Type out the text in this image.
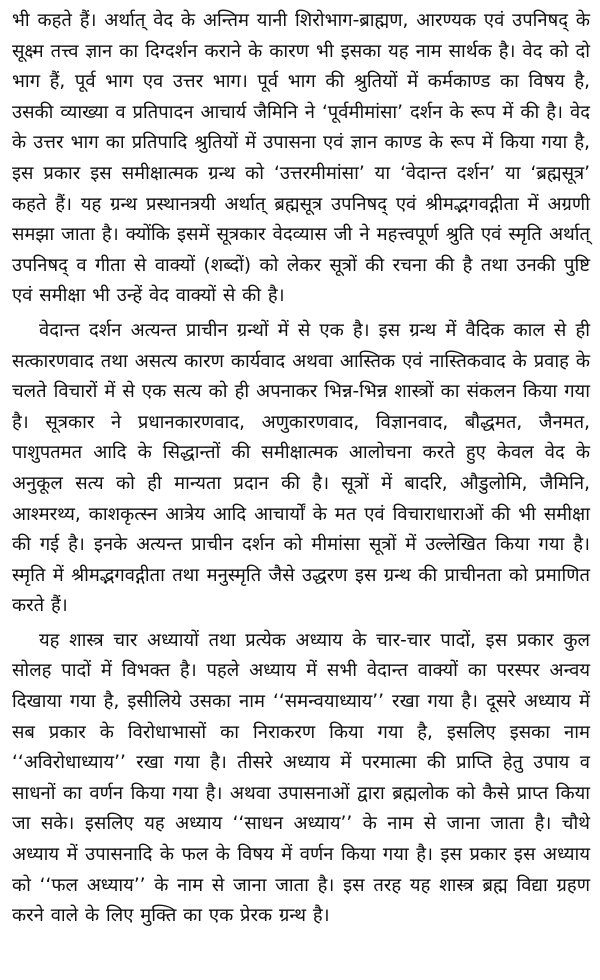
भी कहते हैं। अर्थात् वेद के अन्तिम यानी शिरोभाग-ब्राह्मण, आरण्यक एवं उपनिषद् के सूक्ष्म तत्त्व ज्ञान का दिग्दर्शन कराने के कारण भी इसका यह नाम सार्थक है। वेद को दो भाग हैं, पूर्व भाग एव उत्तर भाग। पूर्व भाग की श्रुतियों में कर्मकाण्ड का विषय है, उसकी व्याख्या व प्रतिपादन आचार्य जैमिनि ने ‘पूर्वमीमांसा’ दर्शन के रूप में की है। वेद के उत्तर भाग का प्रतिपादि श्रुतियों में उपासना एवं ज्ञान काण्ड के रूप में किया गया है, इस प्रकार इस समीक्षात्मक ग्रन्थ को ‘उत्तरमीमांसा’ या ‘वेदान्त दर्शन’ या ‘ब्रह्मसूत्र’ कहते हैं। यह ग्रन्थ प्रस्थानत्रयी अर्थात् ब्रह्मसूत्र उपनिषद् एवं श्रीमद्भगवद्गीता में अग्रणी समझा जाता है। क्योंकि इसमें सूत्रकार वेदव्यास जी ने महत्त्वपूर्ण श्रुति एवं स्मृति अर्थात् उपनिषद् व गीता से वाक्यों (शब्दों) को लेकर सूत्रों की रचना की है तथा उनकी पुष्टि एवं समीक्षा भी उन्हें वेद वाक्यों से की है।

वेदान्त दर्शन अत्यन्त प्राचीन ग्रन्थों में से एक है। इस ग्रन्थ में वैदिक काल से ही सत्कारणवाद तथा असत्य कारण कार्यवाद अथवा आस्तिक एवं नास्तिकवाद के प्रवाह के चलते विचारों में से एक सत्य को ही अपनाकर भिन्न-भिन्न शास्त्रों का संकलन किया गया है। सूत्रकार ने प्रधानकारणवाद, अणुकारणवाद, विज्ञानवाद, बौद्धमत, जैनमत, पाशुपतमत आदि के सिद्धान्तों की समीक्षात्मक आलोचना करते हुए केवल वेद के अनुकूल सत्य को ही मान्यता प्रदान की है। सूत्रों में बादरि, औडुलोमि, जैमिनि, आश्मरथ्य, काशकृत्स्न आत्रेय आदि आचार्यों के मत एवं विचाराधाराओं की भी समीक्षा की गई है। इनके अत्यन्त प्राचीन दर्शन को मीमांसा सूत्रों में उल्लेखित किया गया है। स्मृति में श्रीमद्भगवद्गीता तथा मनुस्मृति जैसे उद्धरण इस ग्रन्थ की प्राचीनता को प्रमाणित करते हैं।

यह शास्त्र चार अध्यायों तथा प्रत्येक अध्याय के चार-चार पादों, इस प्रकार कुल सोलह पादों में विभक्त है। पहले अध्याय में सभी वेदान्त वाक्यों का परस्पर अन्वय दिखाया गया है, इसीलिये उसका नाम ‘‘समन्वयाध्याय’’ रखा गया है। दूसरे अध्याय में सब प्रकार के विरोधाभासों का निराकरण किया गया है, इसलिए इसका नाम ‘‘अविरोधाध्याय’’ रखा गया है। तीसरे अध्याय में परमात्मा की प्राप्ति हेतु उपाय व साधनों का वर्णन किया गया है। अथवा उपासनाओं द्वारा ब्रह्मलोक को कैसे प्राप्त किया जा सके। इसलिए यह अध्याय ‘‘साधन अध्याय’’ के नाम से जाना जाता है। चौथे अध्याय में उपासनादि के फल के विषय में वर्णन किया गया है। इस प्रकार इस अध्याय को ‘‘फल अध्याय’’ के नाम से जाना जाता है। इस तरह यह शास्त्र ब्रह्म विद्या ग्रहण करने वाले के लिए मुक्ति का एक प्रेरक ग्रन्थ है।
